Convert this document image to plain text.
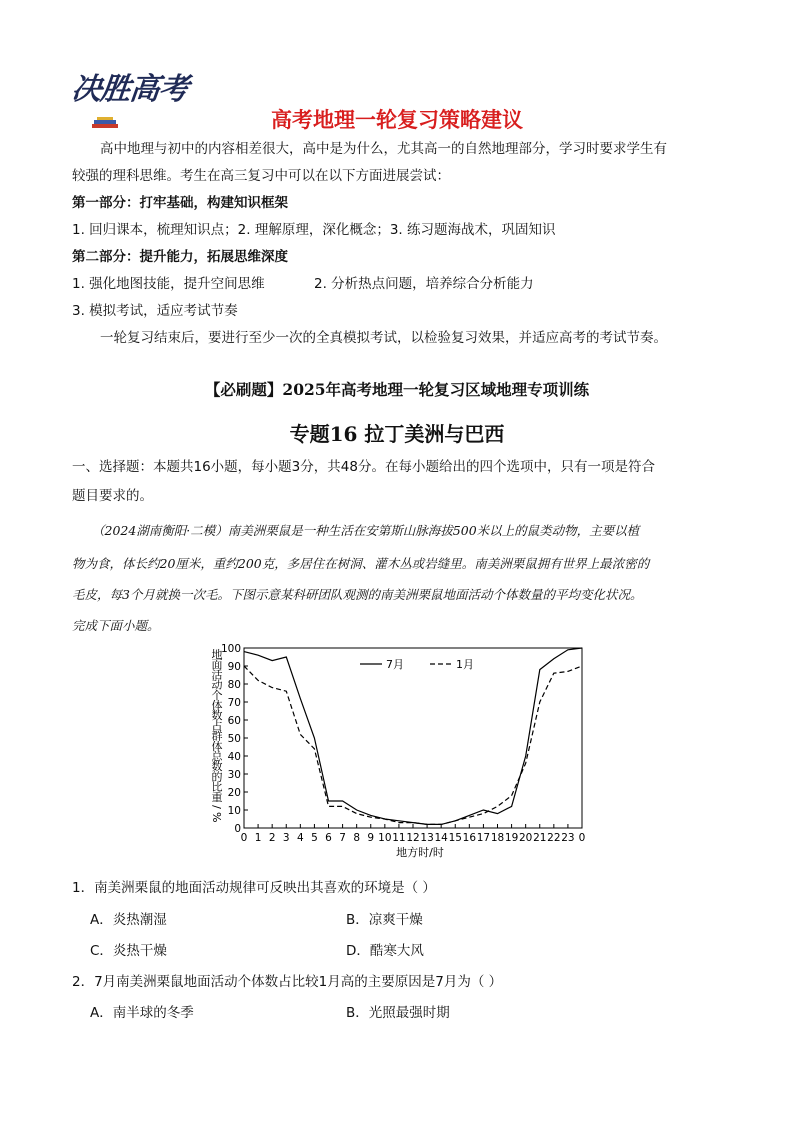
决胜高考
高考地理一轮复习策略建议
高中地理与初中的内容相差很大，高中是为什么，尤其高一的自然地理部分，学习时要求学生有
较强的理科思维。考生在高三复习中可以在以下方面进展尝试：
第一部分：打牢基础，构建知识框架
1. 回归课本，梳理知识点；2. 理解原理，深化概念；3. 练习题海战术，巩固知识
第二部分：提升能力，拓展思维深度
1. 强化地图技能，提升空间思维	2. 分析热点问题，培养综合分析能力
3. 模拟考试，适应考试节奏
一轮复习结束后，要进行至少一次的全真模拟考试，以检验复习效果，并适应高考的考试节奏。
【必刷题】2025年高考地理一轮复习区域地理专项训练
专题16 拉丁美洲与巴西
一、选择题：本题共16小题，每小题3分，共48分。在每小题给出的四个选项中，只有一项是符合
题目要求的。
（2024湖南衡阳·二模）南美洲栗鼠是一种生活在安第斯山脉海拔500米以上的鼠类动物，主要以植
物为食，体长约20厘米，重约200克，多居住在树洞、灌木丛或岩缝里。南美洲栗鼠拥有世界上最浓密的
毛皮，每3个月就换一次毛。下图示意某科研团队观测的南美洲栗鼠地面活动个体数量的平均变化状况。
完成下面小题。
地
面
活
动
个
体
数
占
群
体
总
数
的
比
重
/
%
0
10
20
30
40
50
60
70
80
90
100
0 1 2 3 4 5 6 7 8 9 10 11 12 13 14 15 16 17 18 19 20 21 22 23 0
7月	1月
地方时/时
1．南美洲栗鼠的地面活动规律可反映出其喜欢的环境是（ ）
A．炎热潮湿	B．凉爽干燥
C．炎热干燥	D．酷寒大风
2．7月南美洲栗鼠地面活动个体数占比较1月高的主要原因是7月为（ ）
A．南半球的冬季	B．光照最强时期
